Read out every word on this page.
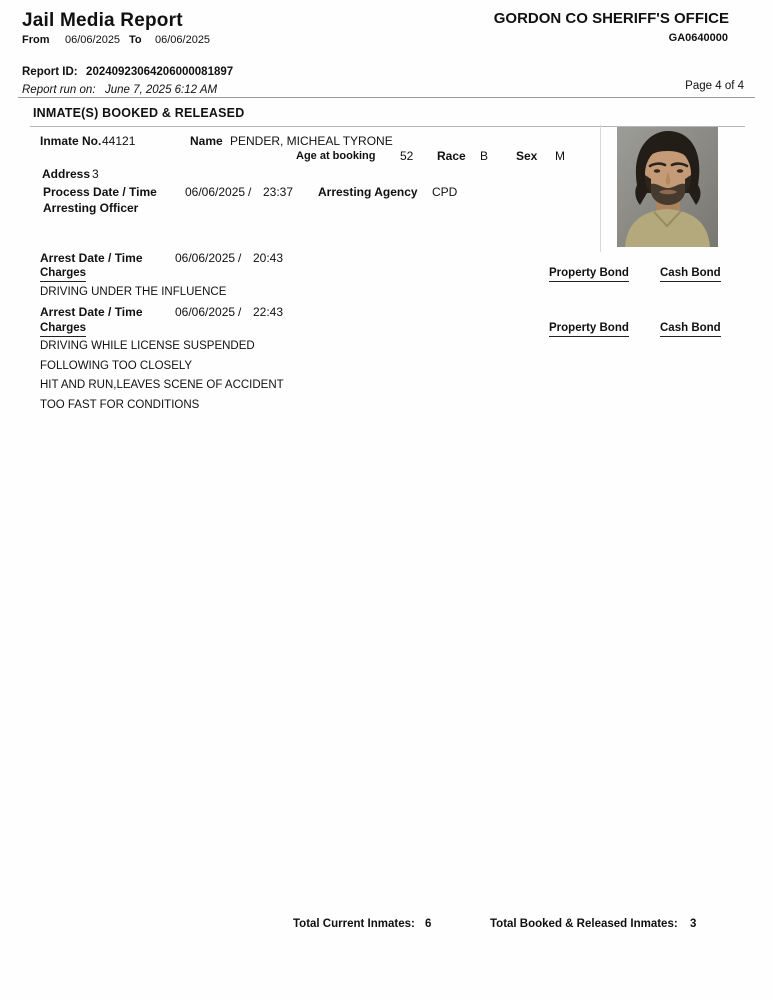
Jail Media Report
From 06/06/2025 To 06/06/2025
GORDON CO SHERIFF'S OFFICE
GA0640000
Report ID: 20240923064206000081897
Report run on: June 7, 2025 6:12 AM	Page 4 of 4
INMATE(S) BOOKED & RELEASED
Inmate No. 44121	Name PENDER, MICHEAL TYRONE
Age at booking 52 Race B Sex M
Address 3
Process Date / Time 06/06/2025 / 23:37 Arresting Agency CPD
Arresting Officer
Arrest Date / Time	06/06/2025 / 20:43
Charges	Property Bond	Cash Bond
DRIVING UNDER THE INFLUENCE
Arrest Date / Time	06/06/2025 / 22:43
Charges	Property Bond	Cash Bond
DRIVING WHILE LICENSE SUSPENDED
FOLLOWING TOO CLOSELY
HIT AND RUN,LEAVES SCENE OF ACCIDENT
TOO FAST FOR CONDITIONS
Total Current Inmates: 6	Total Booked & Released Inmates: 3
